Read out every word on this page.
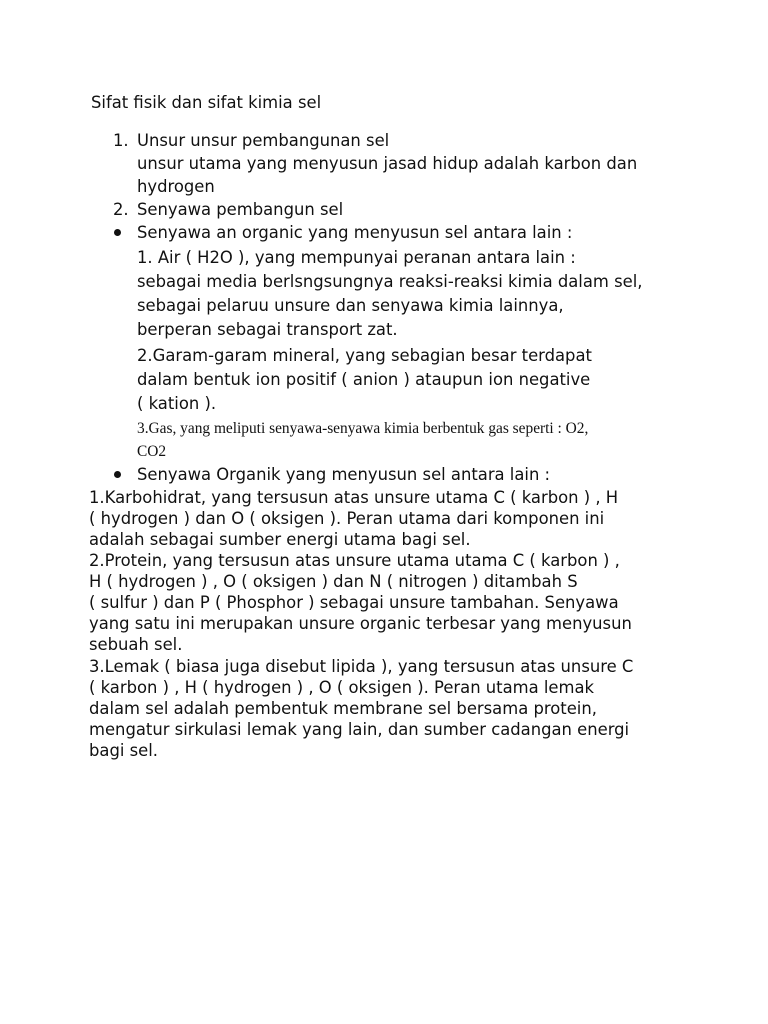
Sifat fisik dan sifat kimia sel
1. Unsur unsur pembangunan sel
unsur utama yang menyusun jasad hidup adalah karbon dan
hydrogen
2. Senyawa pembangun sel
Senyawa an organic yang menyusun sel antara lain :
1. Air ( H2O ), yang mempunyai peranan antara lain :
sebagai media berlsngsungnya reaksi-reaksi kimia dalam sel,
sebagai pelaruu unsure dan senyawa kimia lainnya,
berperan sebagai transport zat.
2.Garam-garam mineral, yang sebagian besar terdapat
dalam bentuk ion positif ( anion ) ataupun ion negative
( kation ).
3.Gas, yang meliputi senyawa-senyawa kimia berbentuk gas seperti : O2,
CO2
Senyawa Organik yang menyusun sel antara lain :
1.Karbohidrat, yang tersusun atas unsure utama C ( karbon ) , H
( hydrogen ) dan O ( oksigen ). Peran utama dari komponen ini
adalah sebagai sumber energi utama bagi sel.
2.Protein, yang tersusun atas unsure utama utama C ( karbon ) ,
H ( hydrogen ) , O ( oksigen ) dan N ( nitrogen ) ditambah S
( sulfur ) dan P ( Phosphor ) sebagai unsure tambahan. Senyawa
yang satu ini merupakan unsure organic terbesar yang menyusun
sebuah sel.
3.Lemak ( biasa juga disebut lipida ), yang tersusun atas unsure C
( karbon ) , H ( hydrogen ) , O ( oksigen ). Peran utama lemak
dalam sel adalah pembentuk membrane sel bersama protein,
mengatur sirkulasi lemak yang lain, dan sumber cadangan energi
bagi sel.
